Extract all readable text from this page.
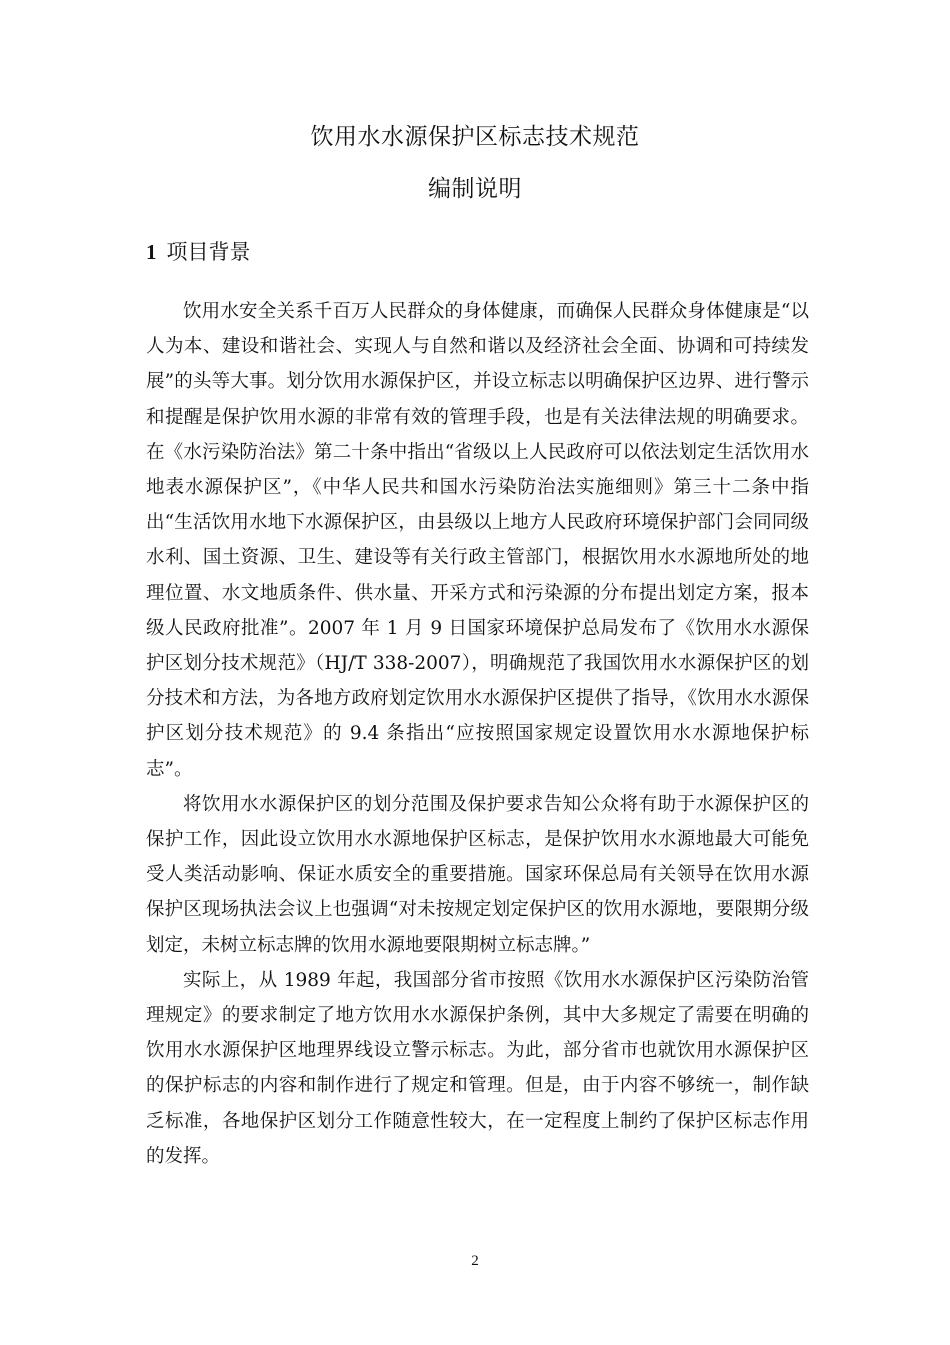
饮用水水源保护区标志技术规范
编制说明
1 项目背景

饮用水安全关系千百万人民群众的身体健康，而确保人民群众身体健康是“以人为本、建设和谐社会、实现人与自然和谐以及经济社会全面、协调和可持续发展”的头等大事。划分饮用水源保护区，并设立标志以明确保护区边界、进行警示和提醒是保护饮用水源的非常有效的管理手段，也是有关法律法规的明确要求。在《水污染防治法》第二十条中指出“省级以上人民政府可以依法划定生活饮用水地表水源保护区”，《中华人民共和国水污染防治法实施细则》第三十二条中指出“生活饮用水地下水源保护区，由县级以上地方人民政府环境保护部门会同同级水利、国土资源、卫生、建设等有关行政主管部门，根据饮用水水源地所处的地理位置、水文地质条件、供水量、开采方式和污染源的分布提出划定方案，报本级人民政府批准”。2007 年 1 月 9 日国家环境保护总局发布了《饮用水水源保护区划分技术规范》（HJ/T 338-2007），明确规范了我国饮用水水源保护区的划分技术和方法，为各地方政府划定饮用水水源保护区提供了指导，《饮用水水源保护区划分技术规范》的 9.4 条指出“应按照国家规定设置饮用水水源地保护标志”。

将饮用水水源保护区的划分范围及保护要求告知公众将有助于水源保护区的保护工作，因此设立饮用水水源地保护区标志，是保护饮用水水源地最大可能免受人类活动影响、保证水质安全的重要措施。国家环保总局有关领导在饮用水源保护区现场执法会议上也强调“对未按规定划定保护区的饮用水源地，要限期分级划定，未树立标志牌的饮用水源地要限期树立标志牌。”

实际上，从 1989 年起，我国部分省市按照《饮用水水源保护区污染防治管理规定》的要求制定了地方饮用水水源保护条例，其中大多规定了需要在明确的饮用水水源保护区地理界线设立警示标志。为此，部分省市也就饮用水源保护区的保护标志的内容和制作进行了规定和管理。但是，由于内容不够统一，制作缺乏标准，各地保护区划分工作随意性较大，在一定程度上制约了保护区标志作用的发挥。

2
